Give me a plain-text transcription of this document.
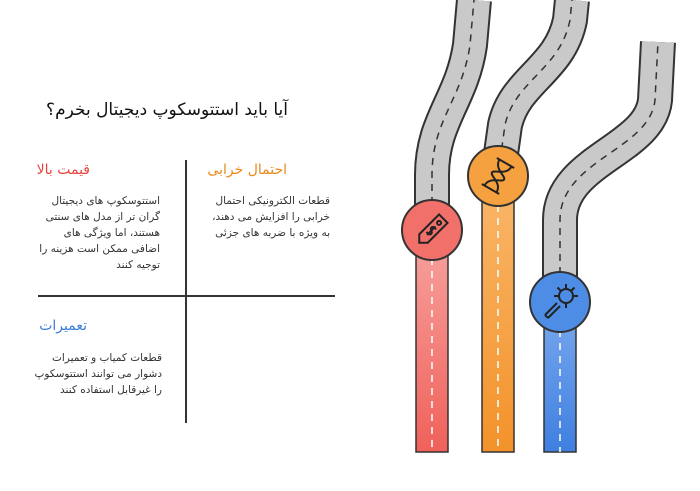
آیا باید استتوسکوپ دیجیتال بخرم؟
قیمت بالا
استتوسکوپ های دیجیتال
گران تر از مدل های سنتی
هستند، اما ویژگی های
اضافی ممکن است هزینه را
توجیه کنند
احتمال خرابی
قطعات الکترونیکی احتمال
خرابی را افزایش می دهند،
به ویژه با ضربه های جزئی
تعمیرات
قطعات کمیاب و تعمیرات
دشوار می توانند استتوسکوپ
را غیرقابل استفاده کنند
